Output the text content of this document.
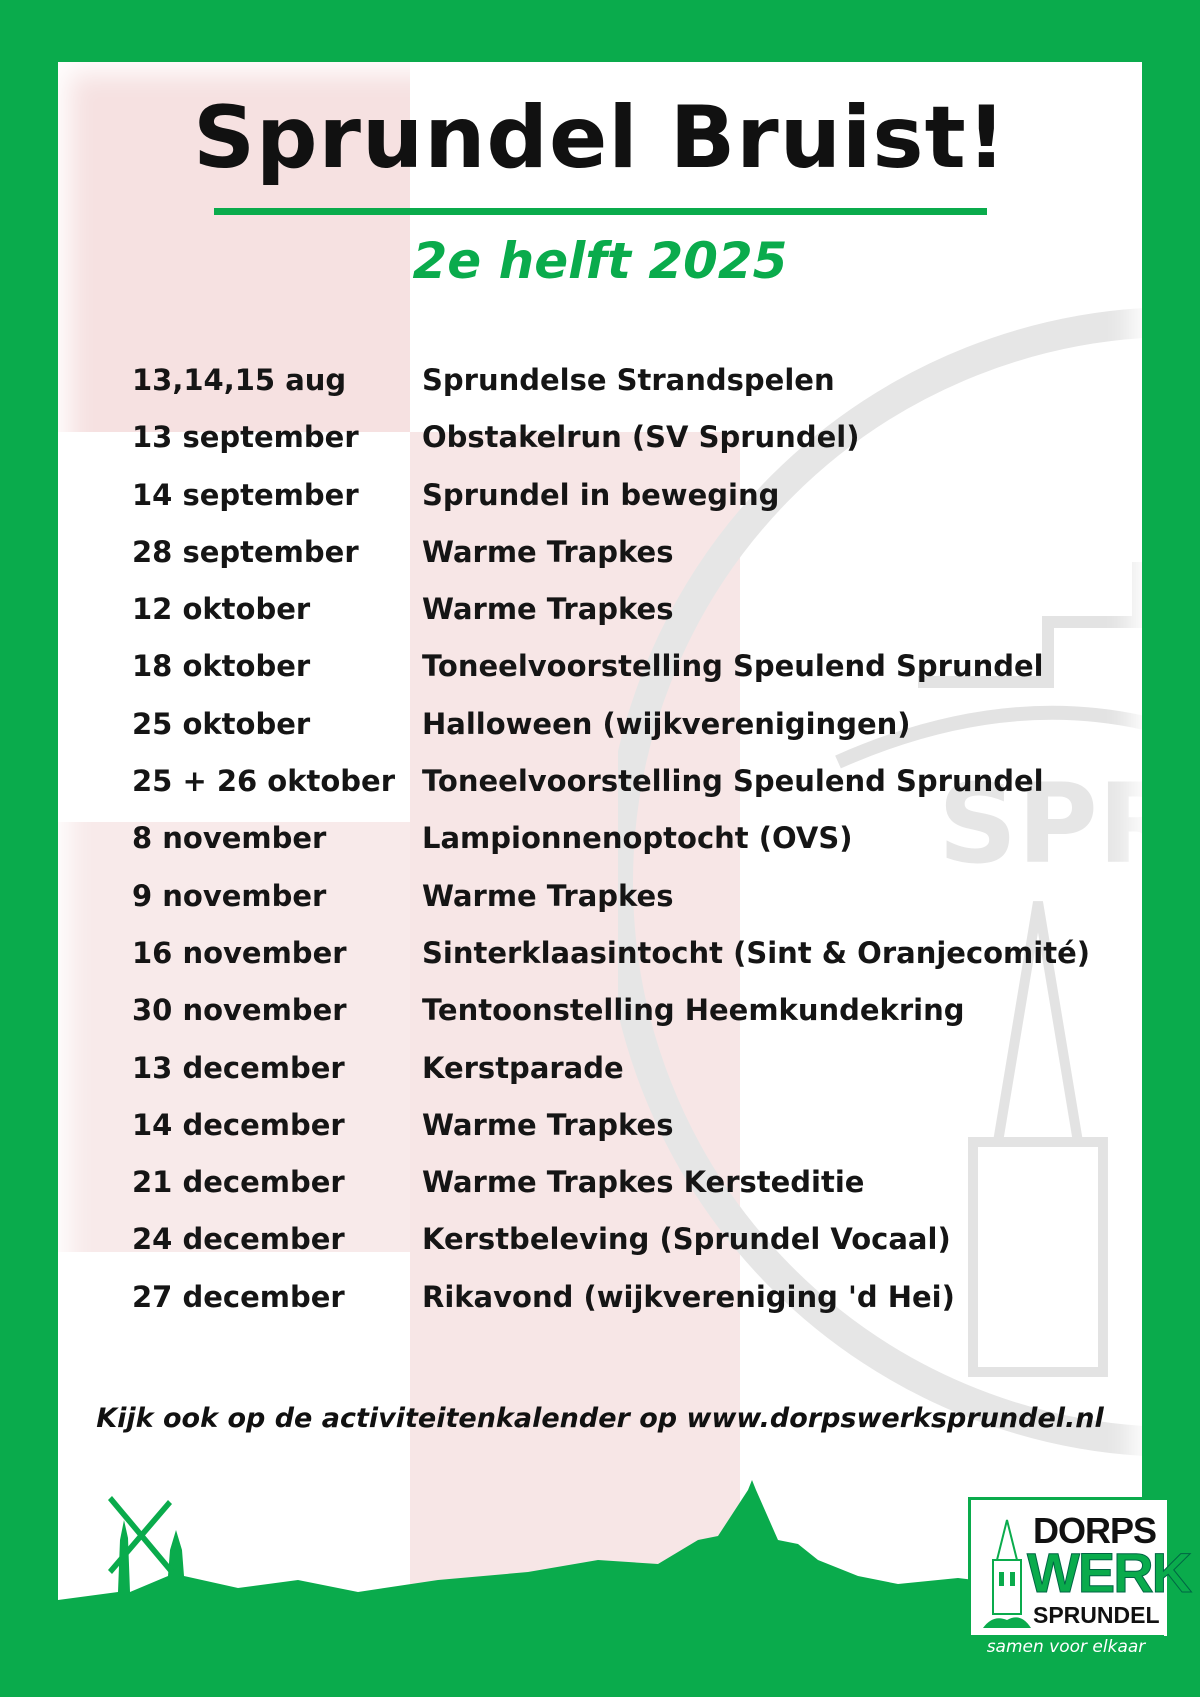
SPR
Sprundel Bruist!
2e helft 2025
13,14,15 aug	Sprundelse Strandspelen
13 september Obstakelrun (SV Sprundel)
14 september Sprundel in beweging
28 september Warme Trapkes
12 oktober	Warme Trapkes
18 oktober	Toneelvoorstelling Speulend Sprundel
25 oktober	Halloween (wijkverenigingen)
25 + 26 oktober Toneelvoorstelling Speulend Sprundel
8 november	Lampionnenoptocht (OVS)
9 november	Warme Trapkes
16 november	Sinterklaasintocht (Sint & Oranjecomité)
30 november	Tentoonstelling Heemkundekring
13 december	Kerstparade
14 december	Warme Trapkes
21 december	Warme Trapkes Kersteditie
24 december	Kerstbeleving (Sprundel Vocaal)
27 december	Rikavond (wijkvereniging 'd Hei)
Kijk ook op de activiteitenkalender op www.dorpswerksprundel.nl
DORPS
WERK
SPRUNDEL
samen voor elkaar
